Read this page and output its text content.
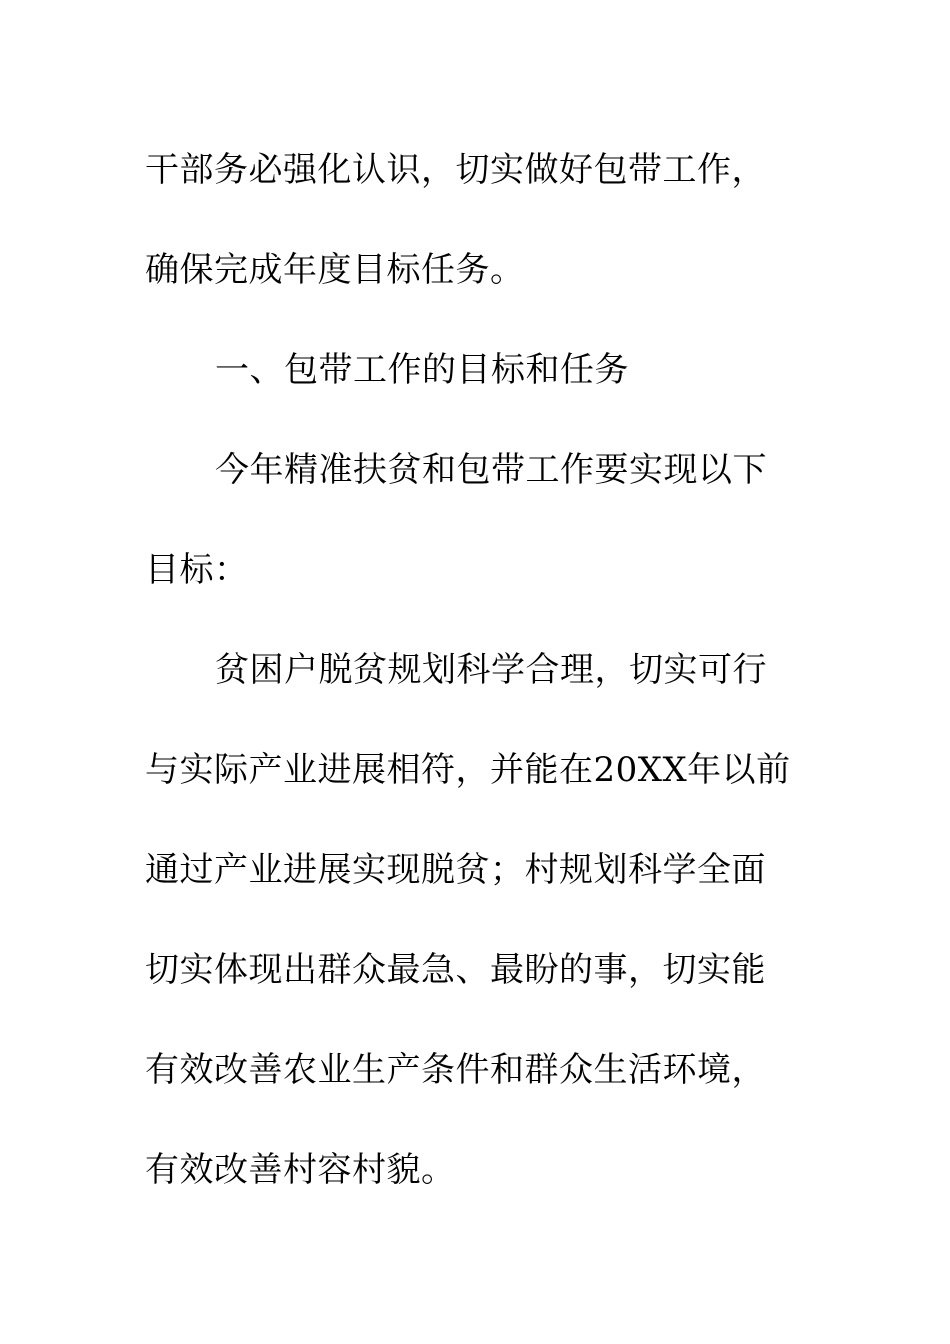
干部务必强化认识，切实做好包带工作，
确保完成年度目标任务。
一、包带工作的目标和任务
今年精准扶贫和包带工作要实现以下
目标：
贫困户脱贫规划科学合理，切实可行
与实际产业进展相符，并能在20XX年以前
通过产业进展实现脱贫；村规划科学全面
切实体现出群众最急、最盼的事，切实能
有效改善农业生产条件和群众生活环境，
有效改善村容村貌。
